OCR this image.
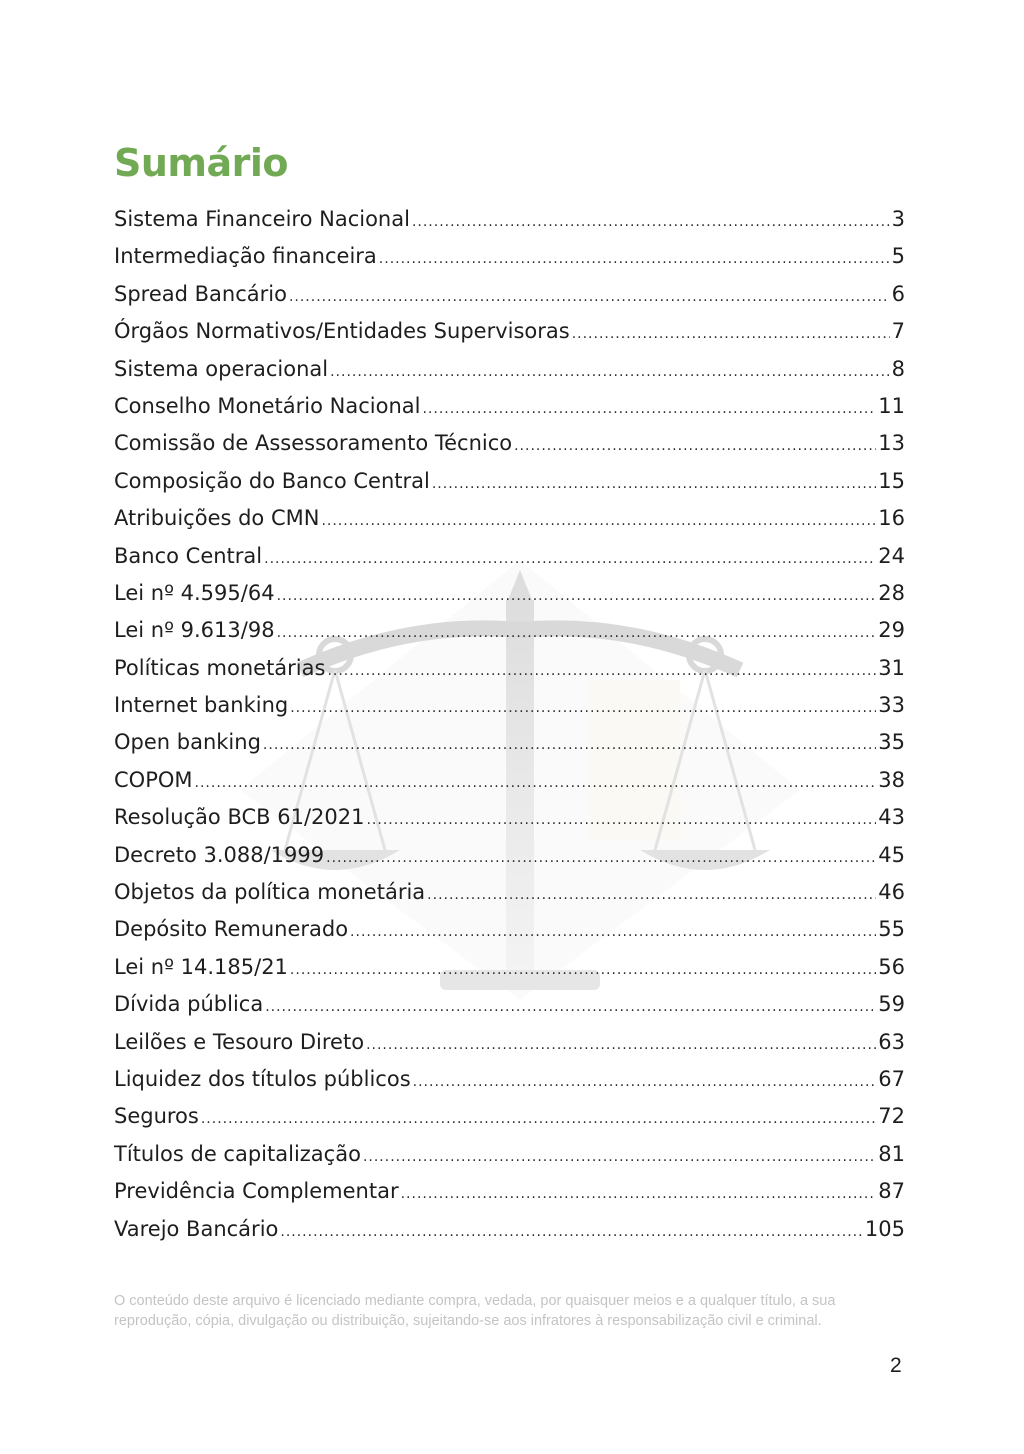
Sumário
Sistema Financeiro Nacional .....	3
Intermediação financeira .....	5
Spread Bancário .....	6
Órgãos Normativos/Entidades Supervisoras .....	7
Sistema operacional .....	8
Conselho Monetário Nacional .....	11
Comissão de Assessoramento Técnico .....	13
Composição do Banco Central .....	15
Atribuições do CMN .....	16
Banco Central .....	24
Lei nº 4.595/64 .....	28
Lei nº 9.613/98 .....	29
Políticas monetárias .....	31
Internet banking .....	33
Open banking .....	35
COPOM .....	38
Resolução BCB 61/2021 .....	43
Decreto 3.088/1999 .....	45
Objetos da política monetária .....	46
Depósito Remunerado .....	55
Lei nº 14.185/21 .....	56
Dívida pública .....	59
Leilões e Tesouro Direto .....	63
Liquidez dos títulos públicos .....	67
Seguros .....	72
Títulos de capitalização .....	81
Previdência Complementar .....	87
Varejo Bancário .....	105
O conteúdo deste arquivo é licenciado mediante compra, vedada, por quaisquer meios e a qualquer título, a sua reprodução, cópia, divulgação ou distribuição, sujeitando-se aos infratores à responsabilização civil e criminal.
2
